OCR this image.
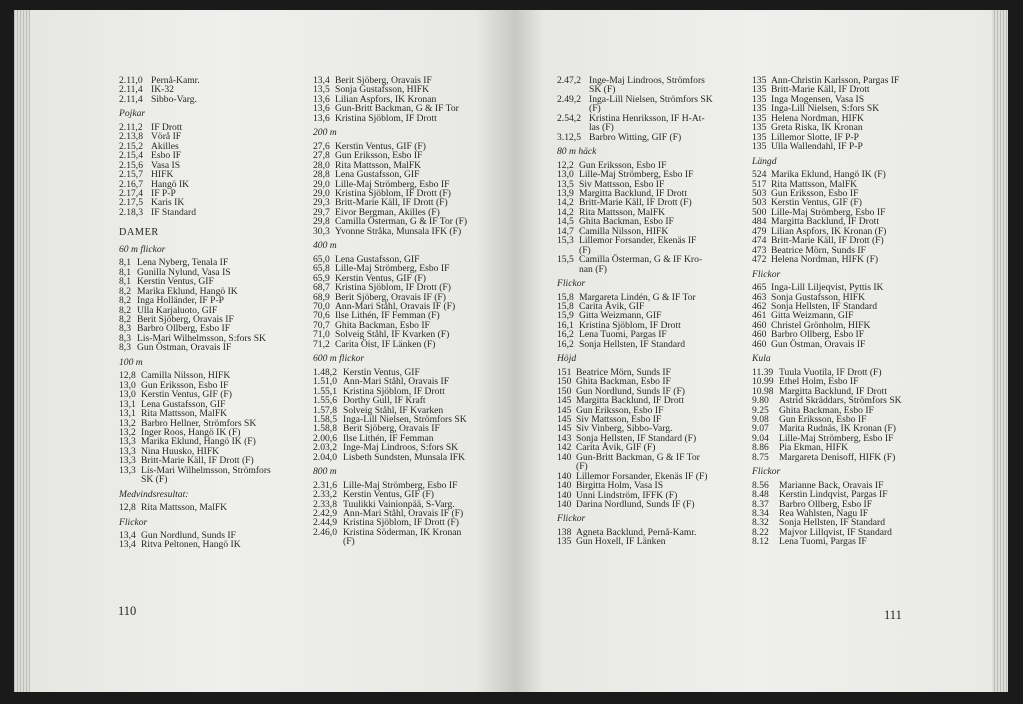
2.11,0 Pernå-Kamr.
2.11,4 IK-32
2.11,4 Sibbo-Varg.
Pojkar
2.11,2 IF Drott
2.13,8 Vörå IF
2.15,2 Akilles
2.15,4 Esbo IF
2.15,6 Vasa IS
2.15,7 HIFK
2.16,7 Hangö IK
2.17,4 IF P-P
2.17,5 Karis IK
2.18,3 IF Standard
DAMER
60 m flickor
8,1 Lena Nyberg, Tenala IF
8,1 Gunilla Nylund, Vasa IS
8,1 Kerstin Ventus, GIF
8,2 Marika Eklund, Hangö IK
8,2 Inga Holländer, IF P-P
8,2 Ulla Karjaluoto, GIF
8,2 Berit Sjöberg, Oravais IF
8,3 Barbro Ollberg, Esbo IF
8,3 Lis-Mari Wilhelmsson, S:fors SK
8,3 Gun Östman, Oravais IF
100 m
12,8 Camilla Nilsson, HIFK
13,0 Gun Eriksson, Esbo IF
13,0 Kerstin Ventus, GIF (F)
13,1 Lena Gustafsson, GIF
13,1 Rita Mattsson, MalFK
13,2 Barbro Hellner, Strömfors SK
13,2 Inger Roos, Hangö IK (F)
13,3 Marika Eklund, Hangö IK (F)
13,3 Nina Huusko, HIFK
13,3 Britt-Marie Käll, IF Drott (F)
13,3 Lis-Mari Wilhelmsson, Strömfors
SK (F)
Medvindsresultat:
12,8 Rita Mattsson, MalFK
Flickor
13,4 Gun Nordlund, Sunds IF
13,4 Ritva Peltonen, Hangö IK
13,4 Berit Sjöberg, Oravais IF
13,5 Sonja Gustafsson, HIFK
13,6 Lilian Aspfors, IK Kronan
13,6 Gun-Britt Backman, G & IF Tor
13,6 Kristina Sjöblom, IF Drott
200 m
27,6 Kerstin Ventus, GIF (F)
27,8 Gun Eriksson, Esbo IF
28,0 Rita Mattsson, MalFK
28,8 Lena Gustafsson, GIF
29,0 Lille-Maj Strömberg, Esbo IF
29,0 Kristina Sjöblom, IF Drott (F)
29,3 Britt-Marie Käll, IF Drott (F)
29,7 Eivor Bergman, Akilles (F)
29,8 Camilla Österman, G & IF Tor (F)
30,3 Yvonne Stråka, Munsala IFK (F)
400 m
65,0 Lena Gustafsson, GIF
65,8 Lille-Maj Strömberg, Esbo IF
65,9 Kerstin Ventus, GIF (F)
68,7 Kristina Sjöblom, IF Drott (F)
68,9 Berit Sjöberg, Oravais IF (F)
70,0 Ann-Mari Ståhl, Oravais IF (F)
70,6 Ilse Lithén, IF Femman (F)
70,7 Ghita Backman, Esbo IF
71,0 Solveig Ståhl, IF Kvarken (F)
71,2 Carita Öist, IF Länken (F)
600 m flickor
1.48,2 Kerstin Ventus, GIF
1.51,0 Ann-Mari Ståhl, Oravais IF
1.55,1 Kristina Sjöblom, IF Drott
1.55,6 Dorthy Gull, IF Kraft
1.57,8 Solveig Ståhl, IF Kvarken
1.58,5 Inga-Lill Nielsen, Strömfors SK
1.58,8 Berit Sjöberg, Oravais IF
2.00,6 Ilse Lithén, IF Femman
2.03,2 Inge-Maj Lindroos, S:fors SK
2.04,0 Lisbeth Sundsten, Munsala IFK
800 m
2.31,6 Lille-Maj Strömberg, Esbo IF
2.33,2 Kerstin Ventus, GIF (F)
2.33,8 Tuulikki Vainionpää, S-Varg.
2.42,9 Ann-Mari Ståhl, Oravais IF (F)
2.44,9 Kristina Sjöblom, IF Drott (F)
2.46,0 Kristina Söderman, IK Kronan
(F)
110
2.47,2 Inge-Maj Lindroos, Strömfors
SK (F)
2.49,2 Inga-Lill Nielsen, Strömfors SK
(F)
2.54,2 Kristina Henriksson, IF H-At-
las (F)
3.12,5 Barbro Witting, GIF (F)
80 m häck
12,2 Gun Eriksson, Esbo IF
13,0 Lille-Maj Strömberg, Esbo IF
13,5 Siv Mattsson, Esbo IF
13,9 Margitta Backlund, IF Drott
14,2 Britt-Marie Käll, IF Drott (F)
14,2 Rita Mattsson, MalFK
14,5 Ghita Backman, Esbo IF
14,7 Camilla Nilsson, HIFK
15,3 Lillemor Forsander, Ekenäs IF
(F)
15,5 Camilla Österman, G & IF Kro-
nan (F)
Flickor
15,8 Margareta Lindén, G & IF Tor
15,8 Carita Åvik, GIF
15,9 Gitta Weizmann, GIF
16,1 Kristina Sjöblom, IF Drott
16,2 Lena Tuomi, Pargas IF
16,2 Sonja Hellsten, IF Standard
Höjd
151 Beatrice Mörn, Sunds IF
150 Ghita Backman, Esbo IF
150 Gun Nordlund, Sunds IF (F)
145 Margitta Backlund, IF Drott
145 Gun Eriksson, Esbo IF
145 Siv Mattsson, Esbo IF
145 Siv Vinberg, Sibbo-Varg.
143 Sonja Hellsten, IF Standard (F)
142 Carita Åvik, GIF (F)
140 Gun-Britt Backman, G & IF Tor
(F)
140 Lillemor Forsander, Ekenäs IF (F)
140 Birgitta Holm, Vasa IS
140 Unni Lindström, IFFK (F)
140 Darina Nordlund, Sunds IF (F)
Flickor
138 Agneta Backlund, Pernå-Kamr.
135 Gun Hoxell, IF Länken
135 Ann-Christin Karlsson, Pargas IF
135 Britt-Marie Käll, IF Drott
135 Inga Mogensen, Vasa IS
135 Inga-Lill Nielsen, S:fors SK
135 Helena Nordman, HIFK
135 Greta Riska, IK Kronan
135 Lillemor Slotte, IF P-P
135 Ulla Wallendahl, IF P-P
Längd
524 Marika Eklund, Hangö IK (F)
517 Rita Mattsson, MalFK
503 Gun Eriksson, Esbo IF
503 Kerstin Ventus, GIF (F)
500 Lille-Maj Strömberg, Esbo IF
484 Margitta Backlund, IF Drott
479 Lilian Aspfors, IK Kronan (F)
474 Britt-Marie Käll, IF Drott (F)
473 Beatrice Mörn, Sunds IF
472 Helena Nordman, HIFK (F)
Flickor
465 Inga-Lill Liljeqvist, Pyttis IK
463 Sonja Gustafsson, HIFK
462 Sonja Hellsten, IF Standard
461 Gitta Weizmann, GIF
460 Christel Grönholm, HIFK
460 Barbro Ollberg, Esbo IF
460 Gun Östman, Oravais IF
Kula
11.39 Tuula Vuotila, IF Drott (F)
10.99 Ethel Holm, Esbo IF
10.98 Margitta Backlund, IF Drott
9.80	Astrid Skräddars, Strömfors SK
9.25	Ghita Backman, Esbo IF
9.08	Gun Eriksson, Esbo IF
9.07	Marita Rudnäs, IK Kronan (F)
9.04	Lille-Maj Strömberg, Esbo IF
8.86	Pia Ekman, HIFK
8.75	Margareta Denisoff, HIFK (F)
Flickor
8.56	Marianne Back, Oravais IF
8.48	Kerstin Lindqvist, Pargas IF
8.37	Barbro Ollberg, Esbo IF
8.34	Rea Wahlsten, Nagu IF
8.32	Sonja Hellsten, IF Standard
8.22	Majvor Lillqvist, IF Standard
8.12	Lena Tuomi, Pargas IF
111
